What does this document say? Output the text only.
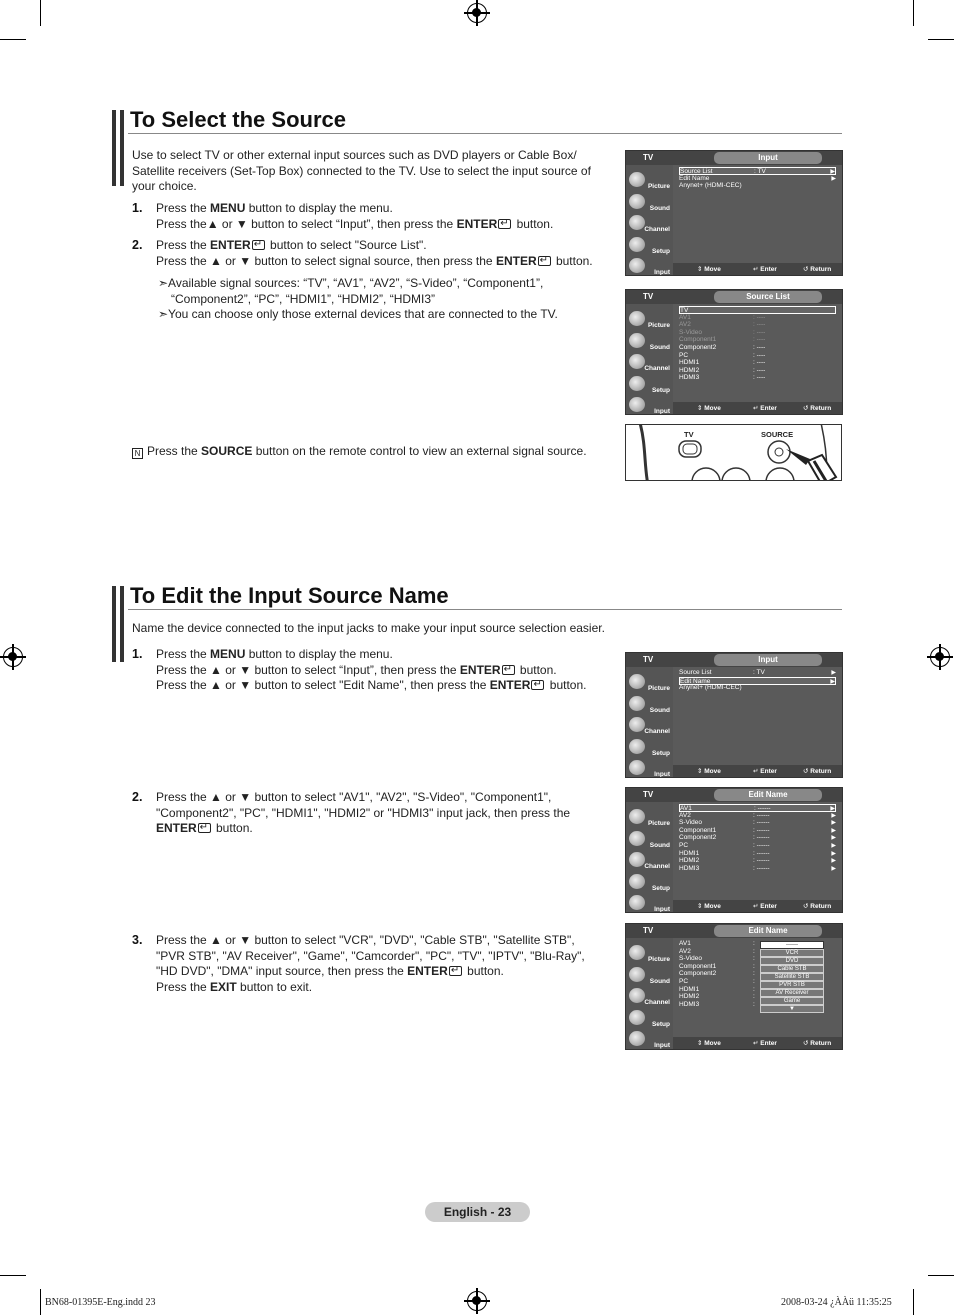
To Select the Source
Use to select TV or other external input sources such as DVD players or Cable Box/ Satellite receivers (Set-Top Box) connected to the TV. Use to select the input source of your choice.
1. Press the MENU button to display the menu.
Press the▲ or ▼ button to select “Input”, then press the ENTER↵ button.
2. Press the ENTER↵ button to select "Source List".
Press the ▲ or ▼ button to select signal source, then press the ENTER↵ button.
➣Available signal sources: “TV”, “AV1”, “AV2”, “S-Video”, “Component1”,
“Component2”, “PC”, “HDMI1”, “HDMI2”, “HDMI3”
➣You can choose only those external devices that are connected to the TV.
N Press the SOURCE button on the remote control to view an external signal source.
TV	Input
Picture
Sound
Channel
Setup
Input
Source List	: TV	▶
Edit Name	▶
Anynet+ (HDMI-CEC)
⇕ Move	↵ Enter	↺ Return
TV	Source List
Picture
Sound
Channel
Setup
Input
TV
AV1	: ----
AV2	: ----
S-Video	: ----
Component1	: ----
Component2	: ----
PC	: ----
HDMI1	: ----
HDMI2	: ----
HDMI3	: ----
⇕ Move	↵ Enter	↺ Return
TV	SOURCE
To Edit the Input Source Name
Name the device connected to the input jacks to make your input source selection easier.
1. Press the MENU button to display the menu.
Press the ▲ or ▼ button to select “Input”, then press the ENTER↵ button.
Press the ▲ or ▼ button to select "Edit Name", then press the ENTER↵ button.
2. Press the ▲ or ▼ button to select "AV1", "AV2", "S-Video", "Component1",
"Component2", "PC", "HDMI1", "HDMI2" or "HDMI3" input jack, then press the
ENTER↵ button.
3. Press the ▲ or ▼ button to select "VCR", "DVD", "Cable STB", "Satellite STB",
"PVR STB", "AV Receiver", "Game", "Camcorder", "PC", "TV", "IPTV", "Blu-Ray",
"HD DVD", "DMA" input source, then press the ENTER↵ button.
Press the EXIT button to exit.
TV	Input
Picture
Sound
Channel
Setup
Input
Source List	: TV	▶
Edit Name	▶
Anynet+ (HDMI-CEC)
⇕ Move	↵ Enter	↺ Return
TV	Edit Name
Picture
Sound
Channel
Setup
Input
AV1	: ------	▶
AV2	: ------	▶
S-Video	: ------	▶
Component1	: ------	▶
Component2	: ------	▶
PC	: ------	▶
HDMI1	: ------	▶
HDMI2	: ------	▶
HDMI3	: ------	▶
⇕ Move	↵ Enter	↺ Return
TV	Edit Name
Picture
Sound
Channel
Setup
Input
AV1	:
AV2	:
S-Video	:
Component1	:
Component2	:
PC	:
HDMI1	:
HDMI2	:
HDMI3	:
------
VCR
DVD
Cable STB
Satellite STB
PVR STB
AV Receiver
Game
▼
⇕ Move	↵ Enter	↺ Return
English - 23
BN68-01395E-Eng.indd 23	2008-03-24 ¿ÀÀü 11:35:25
